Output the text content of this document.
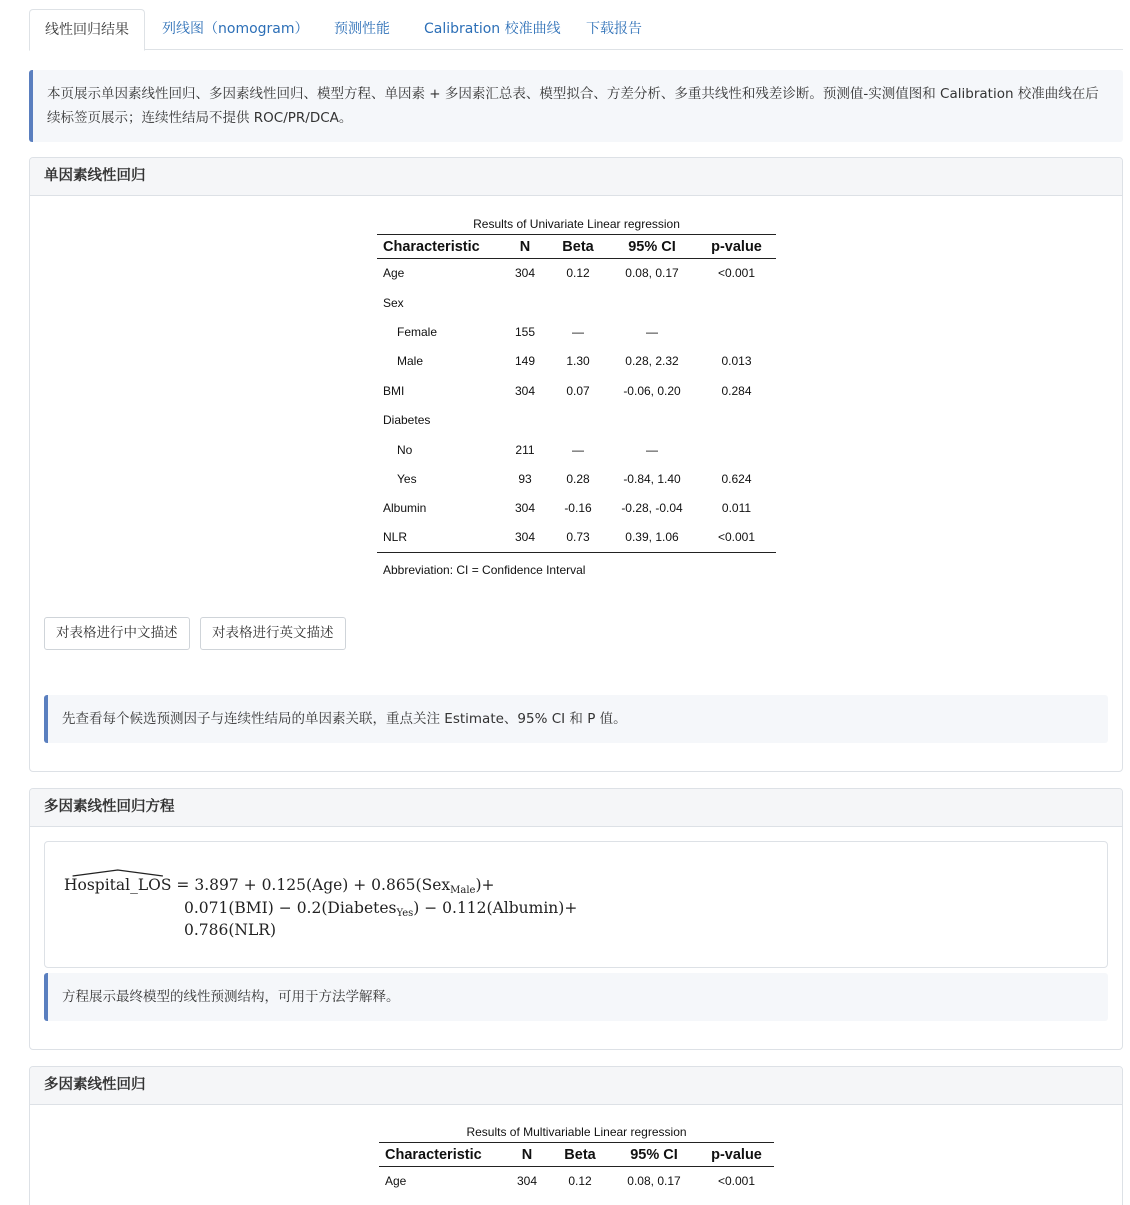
线性回归结果	列线图（nomogram）	预测性能	Calibration 校准曲线	下载报告
本页展示单因素线性回归、多因素线性回归、模型方程、单因素 + 多因素汇总表、模型拟合、方差分析、多重共线性和残差诊断。预测值-实测值图和 Calibration 校准曲线在后续标签页展示；连续性结局不提供 ROC/PR/DCA。
单因素线性回归
Results of Univariate Linear regression
Characteristic	N	Beta	95% CI	p-value
Age	304	0.12	0.08, 0.17	<0.001
Sex				
Female	155	—	—	
Male	149	1.30	0.28, 2.32	0.013
BMI	304	0.07	-0.06, 0.20	0.284
Diabetes				
No	211	—	—	
Yes	93	0.28	-0.84, 1.40	0.624
Albumin	304	-0.16	-0.28, -0.04	0.011
NLR	304	0.73	0.39, 1.06	<0.001
Abbreviation: CI = Confidence Interval
对表格进行中文描述	对表格进行英文描述
先查看每个候选预测因子与连续性结局的单因素关联，重点关注 Estimate、95% CI 和 P 值。
多因素线性回归方程
Hospital_LOS = 3.897 + 0.125(Age) + 0.865(Sex$_{Male}$)+
0.071(BMI) − 0.2(Diabetes$_{Yes}$) − 0.112(Albumin)+
0.786(NLR)
方程展示最终模型的线性预测结构，可用于方法学解释。
多因素线性回归
Results of Multivariable Linear regression
Characteristic	N	Beta	95% CI	p-value
Age	304	0.12	0.08, 0.17	<0.001
